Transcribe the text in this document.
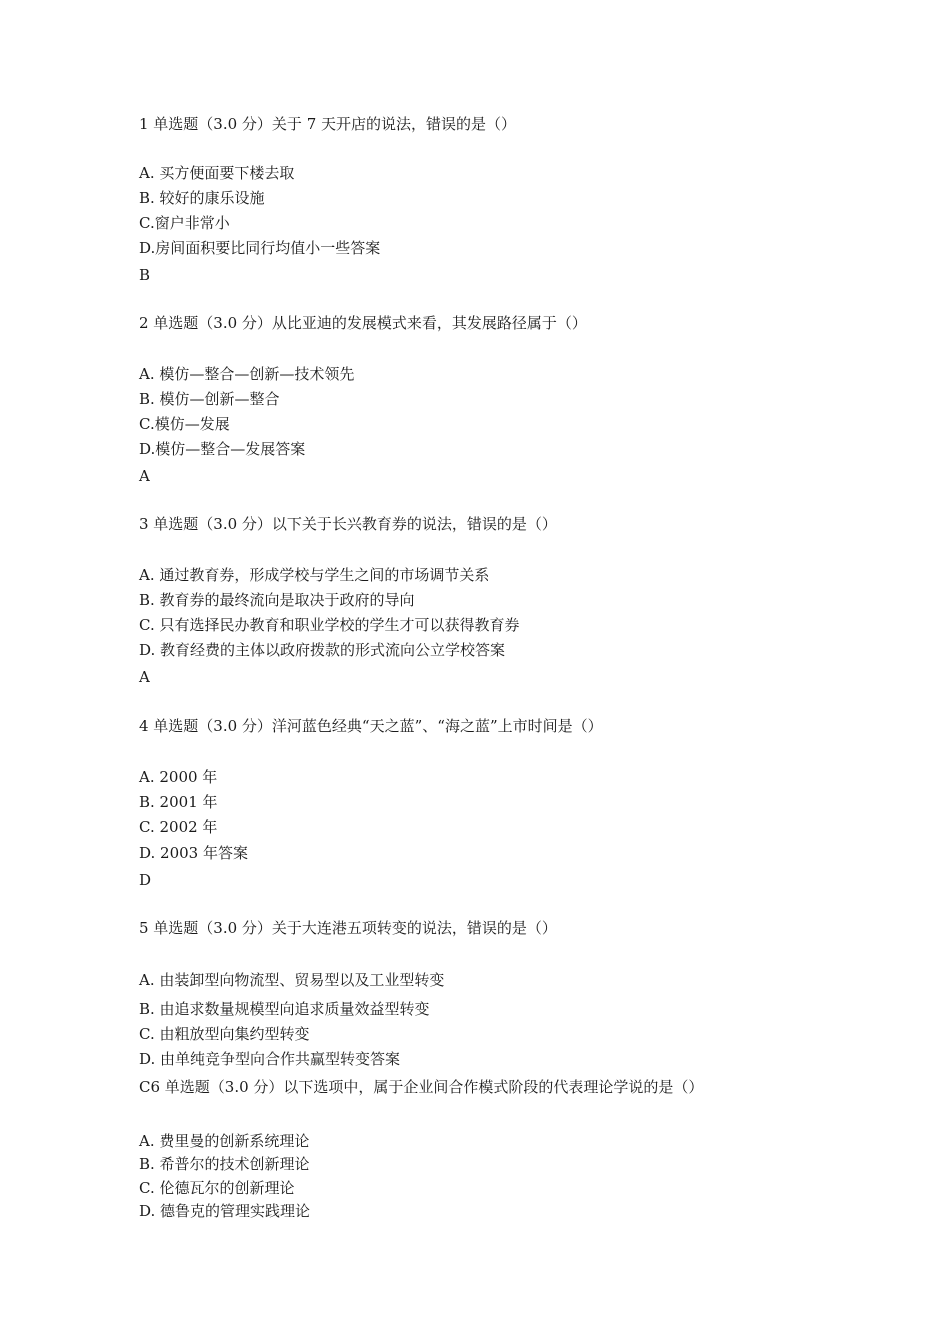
1 单选题（3.0 分）关于 7 天开店的说法，错误的是（）
A. 买方便面要下楼去取
B. 较好的康乐设施
C.窗户非常小
D.房间面积要比同行均值小一些答案
B
2 单选题（3.0 分）从比亚迪的发展模式来看，其发展路径属于（）
A. 模仿—整合—创新—技术领先
B. 模仿—创新—整合
C.模仿—发展
D.模仿—整合—发展答案
A
3 单选题（3.0 分）以下关于长兴教育券的说法，错误的是（）
A. 通过教育券，形成学校与学生之间的市场调节关系
B. 教育券的最终流向是取决于政府的导向
C. 只有选择民办教育和职业学校的学生才可以获得教育券
D. 教育经费的主体以政府拨款的形式流向公立学校答案
A
4 单选题（3.0 分）洋河蓝色经典“天之蓝”、“海之蓝”上市时间是（）
A. 2000 年
B. 2001 年
C. 2002 年
D. 2003 年答案
D
5 单选题（3.0 分）关于大连港五项转变的说法，错误的是（）
A. 由装卸型向物流型、贸易型以及工业型转变
B. 由追求数量规模型向追求质量效益型转变
C. 由粗放型向集约型转变
D. 由单纯竞争型向合作共赢型转变答案
C6 单选题（3.0 分）以下选项中，属于企业间合作模式阶段的代表理论学说的是（）
A. 费里曼的创新系统理论
B. 希普尔的技术创新理论
C. 伦德瓦尔的创新理论
D. 德鲁克的管理实践理论
